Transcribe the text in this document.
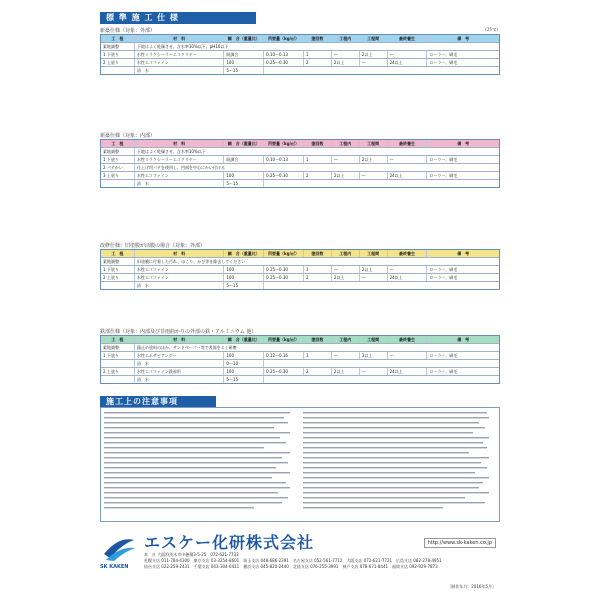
標 準 施 工 仕 様
新築仕様（対象：外部）	(25℃)
工　程	材　料	調　合（重量比）	所要量（kg/㎡）	塗回数	工程内	工程間	最終養生	備　考
素地調整	下地はよく乾燥させ、含水率10%以下、pH10以下
1 下塗り	水性ミラクシーラーエコクリヤー	既調合	0.10～0.13	1	—	2以上	—	ローラー、刷毛
2 上塗り	水性エコファイン	100	0.25～0.30	2	2以上	—	24以上	ローラー、刷毛
清　水	5～15
新築仕様（対象：内部）
工　程	材　料	調　合（重量比）	所要量（kg/㎡）	塗回数	工程内	工程間	最終養生	備　考
素地調整	下地はよく乾燥させ、含水率10%以下
1 下塗り	水性ミラクシーラーエコクリヤー	既調合	0.10～0.13	1	—	2以上	—	ローラー、刷毛
2 パテかい	仕上げ用パテを使用し、凹部を中心にかい付ける
3 上塗り	水性エコファイン	100	0.25～0.30	2	2以上	—	24以上	ローラー、刷毛
清　水	5～15
改修仕様：旧塗膜が活膜の場合（対象：外部）
工　程	材　料	調　合（重量比）	所要量（kg/㎡）	塗回数	工程内	工程間	最終養生	備　考
素地調整	旧塗膜に付着した汚れ、ほこり、かび等を除去してください
1 下塗り	水性エコファイン	100	0.25～0.30	1	—	2以上	—	ローラー、刷毛
2 上塗り	水性エコファイン	100	0.25～0.30	2	2以上	—	24以上	ローラー、刷毛
清　水	5～15
鉄部仕様（対象：内部及び非雨曲かりの外部の鉄・アルミニウム 他）
工　程	材　料	調　合（重量比）	所要量（kg/㎡）	塗回数	工程内	工程間	最終養生	備　考
素地調整	錆止め塗料のほか、サンドペーパー等で表面をよく研磨
1 下塗り	水性エポサビアンダー	100	0.12～0.16	1	—	3以上	—	ローラー、刷毛
清　水	0～10
2 上塗り	水性エコファイン鉄部用	100	0.25～0.30	2	2以上	—	24以上	ローラー、刷毛
清　水	5～15
施工上の注意事項
SK KAKEN
エスケー化研株式会社	http://www.sk-kaken.co.jp
本　社 大阪府茨木市中穂積3-5-25　072-621-7733
札幌支店 011-784-4300　東京支店 03-3254-8601　埼玉支店 048-686-2391　名古屋支店 052-561-7712　大阪支店 072-621-7721　広島支店 082-278-4951
仙台支店 022-259-2431　千葉支店 043-304-0411　横浜支店 045-820-2440　北陸支店 076-255-3991　神戸支店 078-671-8441　福岡支店 092-929-7873
［制作年月：2016年5月］
